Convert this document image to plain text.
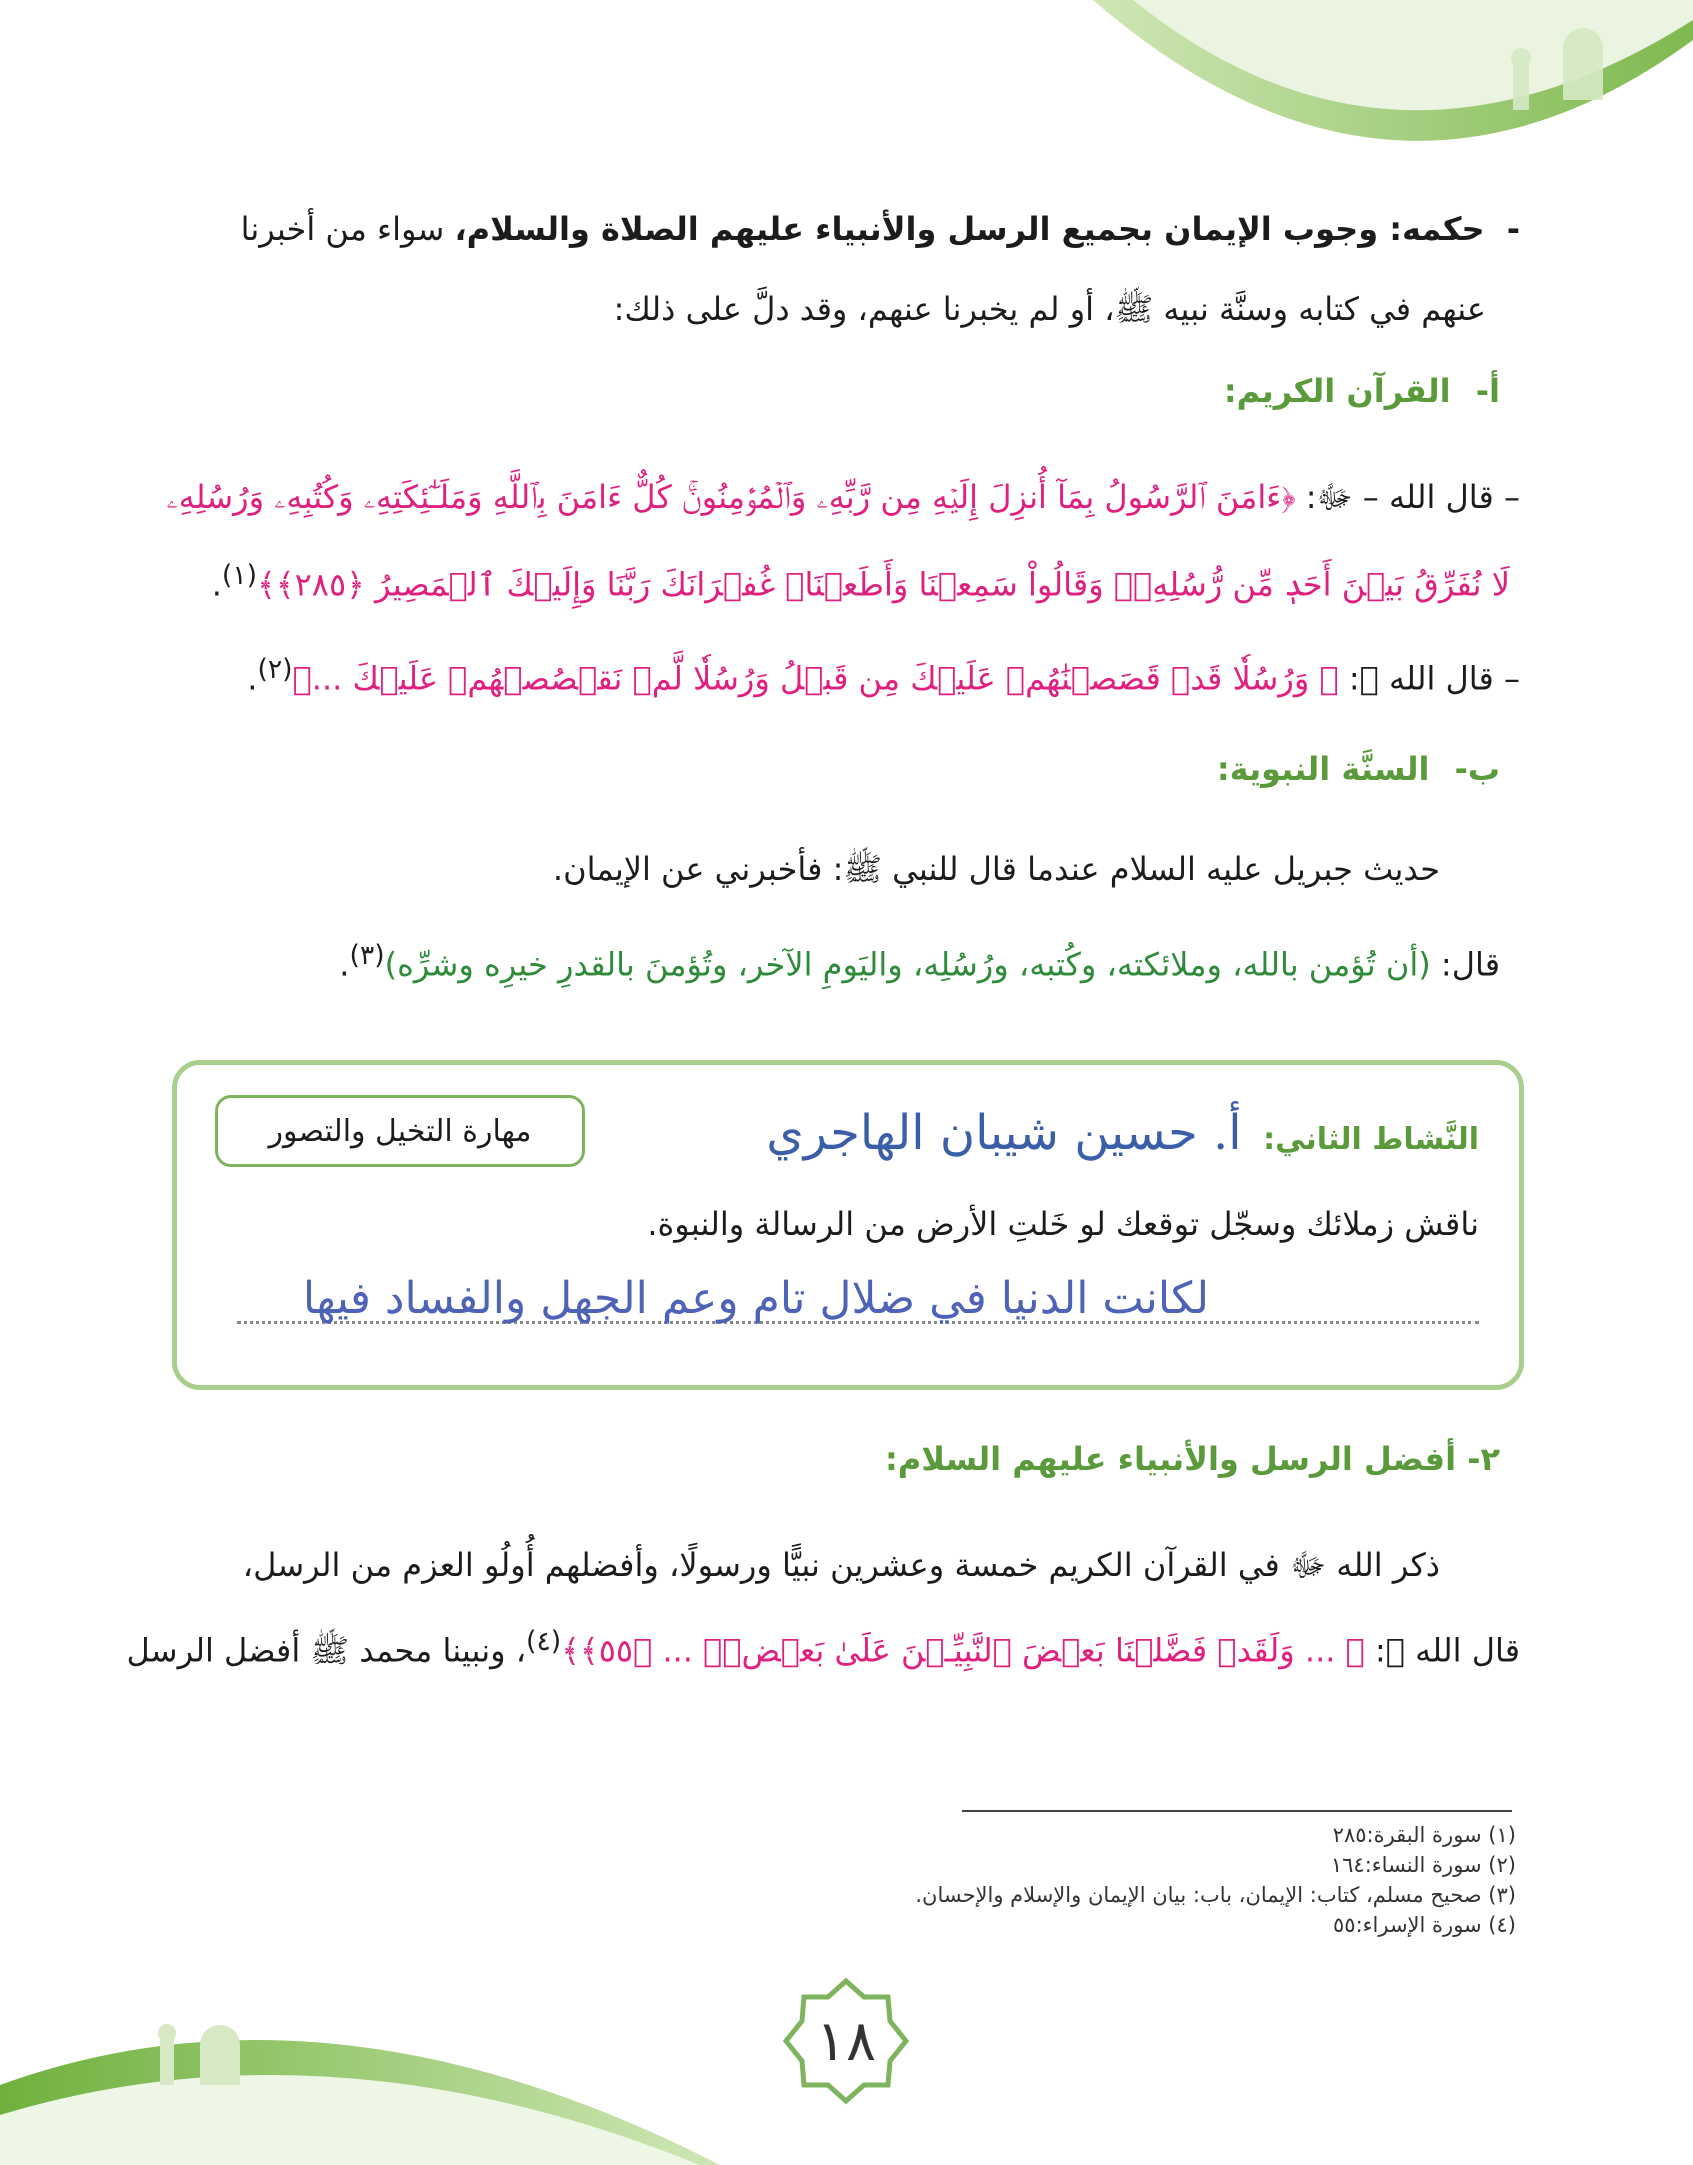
- حكمه: وجوب الإيمان بجميع الرسل والأنبياء عليهم الصلاة والسلام، سواء من أخبرنا
عنهم في كتابه وسنَّة نبيه ﷺ، أو لم يخبرنا عنهم، وقد دلَّ على ذلك:
أ- القرآن الكريم:
– قال الله – ﷻ: ﴿ءَامَنَ ٱلرَّسُولُ بِمَآ أُنزِلَ إِلَيۡهِ مِن رَّبِّهِۦ وَٱلۡمُؤۡمِنُونَۚ كُلٌّ ءَامَنَ بِٱللَّهِ وَمَلَـٰٓئِكَتِهِۦ وَكُتُبِهِۦ وَرُسُلِهِۦ
لَا نُفَرِّقُ بَيۡنَ أَحَدٖ مِّن رُّسُلِهِۦۚ وَقَالُواْ سَمِعۡنَا وَأَطَعۡنَاۖ غُفۡرَانَكَ رَبَّنَا وَإِلَيۡكَ ٱلۡمَصِيرُ ﴿٢٨٥﴾﴾$^{(١)}$.
– قال الله ﷻ: ﴿ وَرُسُلٗا قَدۡ قَصَصۡنَٰهُمۡ عَلَيۡكَ مِن قَبۡلُ وَرُسُلٗا لَّمۡ نَقۡصُصۡهُمۡ عَلَيۡكَ ...﴾$^{(٢)}$.
ب- السنَّة النبوية:
حديث جبريل عليه السلام عندما قال للنبي ﷺ: فأخبرني عن الإيمان.
قال: (أن تُؤمن بالله، وملائكته، وكُتبه، ورُسُلِه، واليَومِ الآخر، وتُؤمنَ بالقدرِ خيرِه وشرِّه)$^{(٣)}$.
النَّشاط الثاني: أ. حسين شيبان الهاجري
مهارة التخيل والتصور
ناقش زملائك وسجّل توقعك لو خَلتِ الأرض من الرسالة والنبوة.
لكانت الدنيا في ضلال تام وعم الجهل والفساد فيها
٢- أفضل الرسل والأنبياء عليهم السلام:
ذكر الله ﷻ في القرآن الكريم خمسة وعشرين نبيًّا ورسولًا، وأفضلهم أُولُو العزم من الرسل،
قال الله ﷻ: ﴿ ... وَلَقَدۡ فَضَّلۡنَا بَعۡضَ ٱلنَّبِيِّـۧنَ عَلَىٰ بَعۡضٖۖ ... ﴿٥٥﴾﴾$^{(٤)}$، ونبينا محمد ﷺ أفضل الرسل
(١) سورة البقرة:٢٨٥
(٢) سورة النساء:١٦٤
(٣) صحيح مسلم، كتاب: الإيمان، باب: بيان الإيمان والإسلام والإحسان.
(٤) سورة الإسراء:٥٥
١٨
